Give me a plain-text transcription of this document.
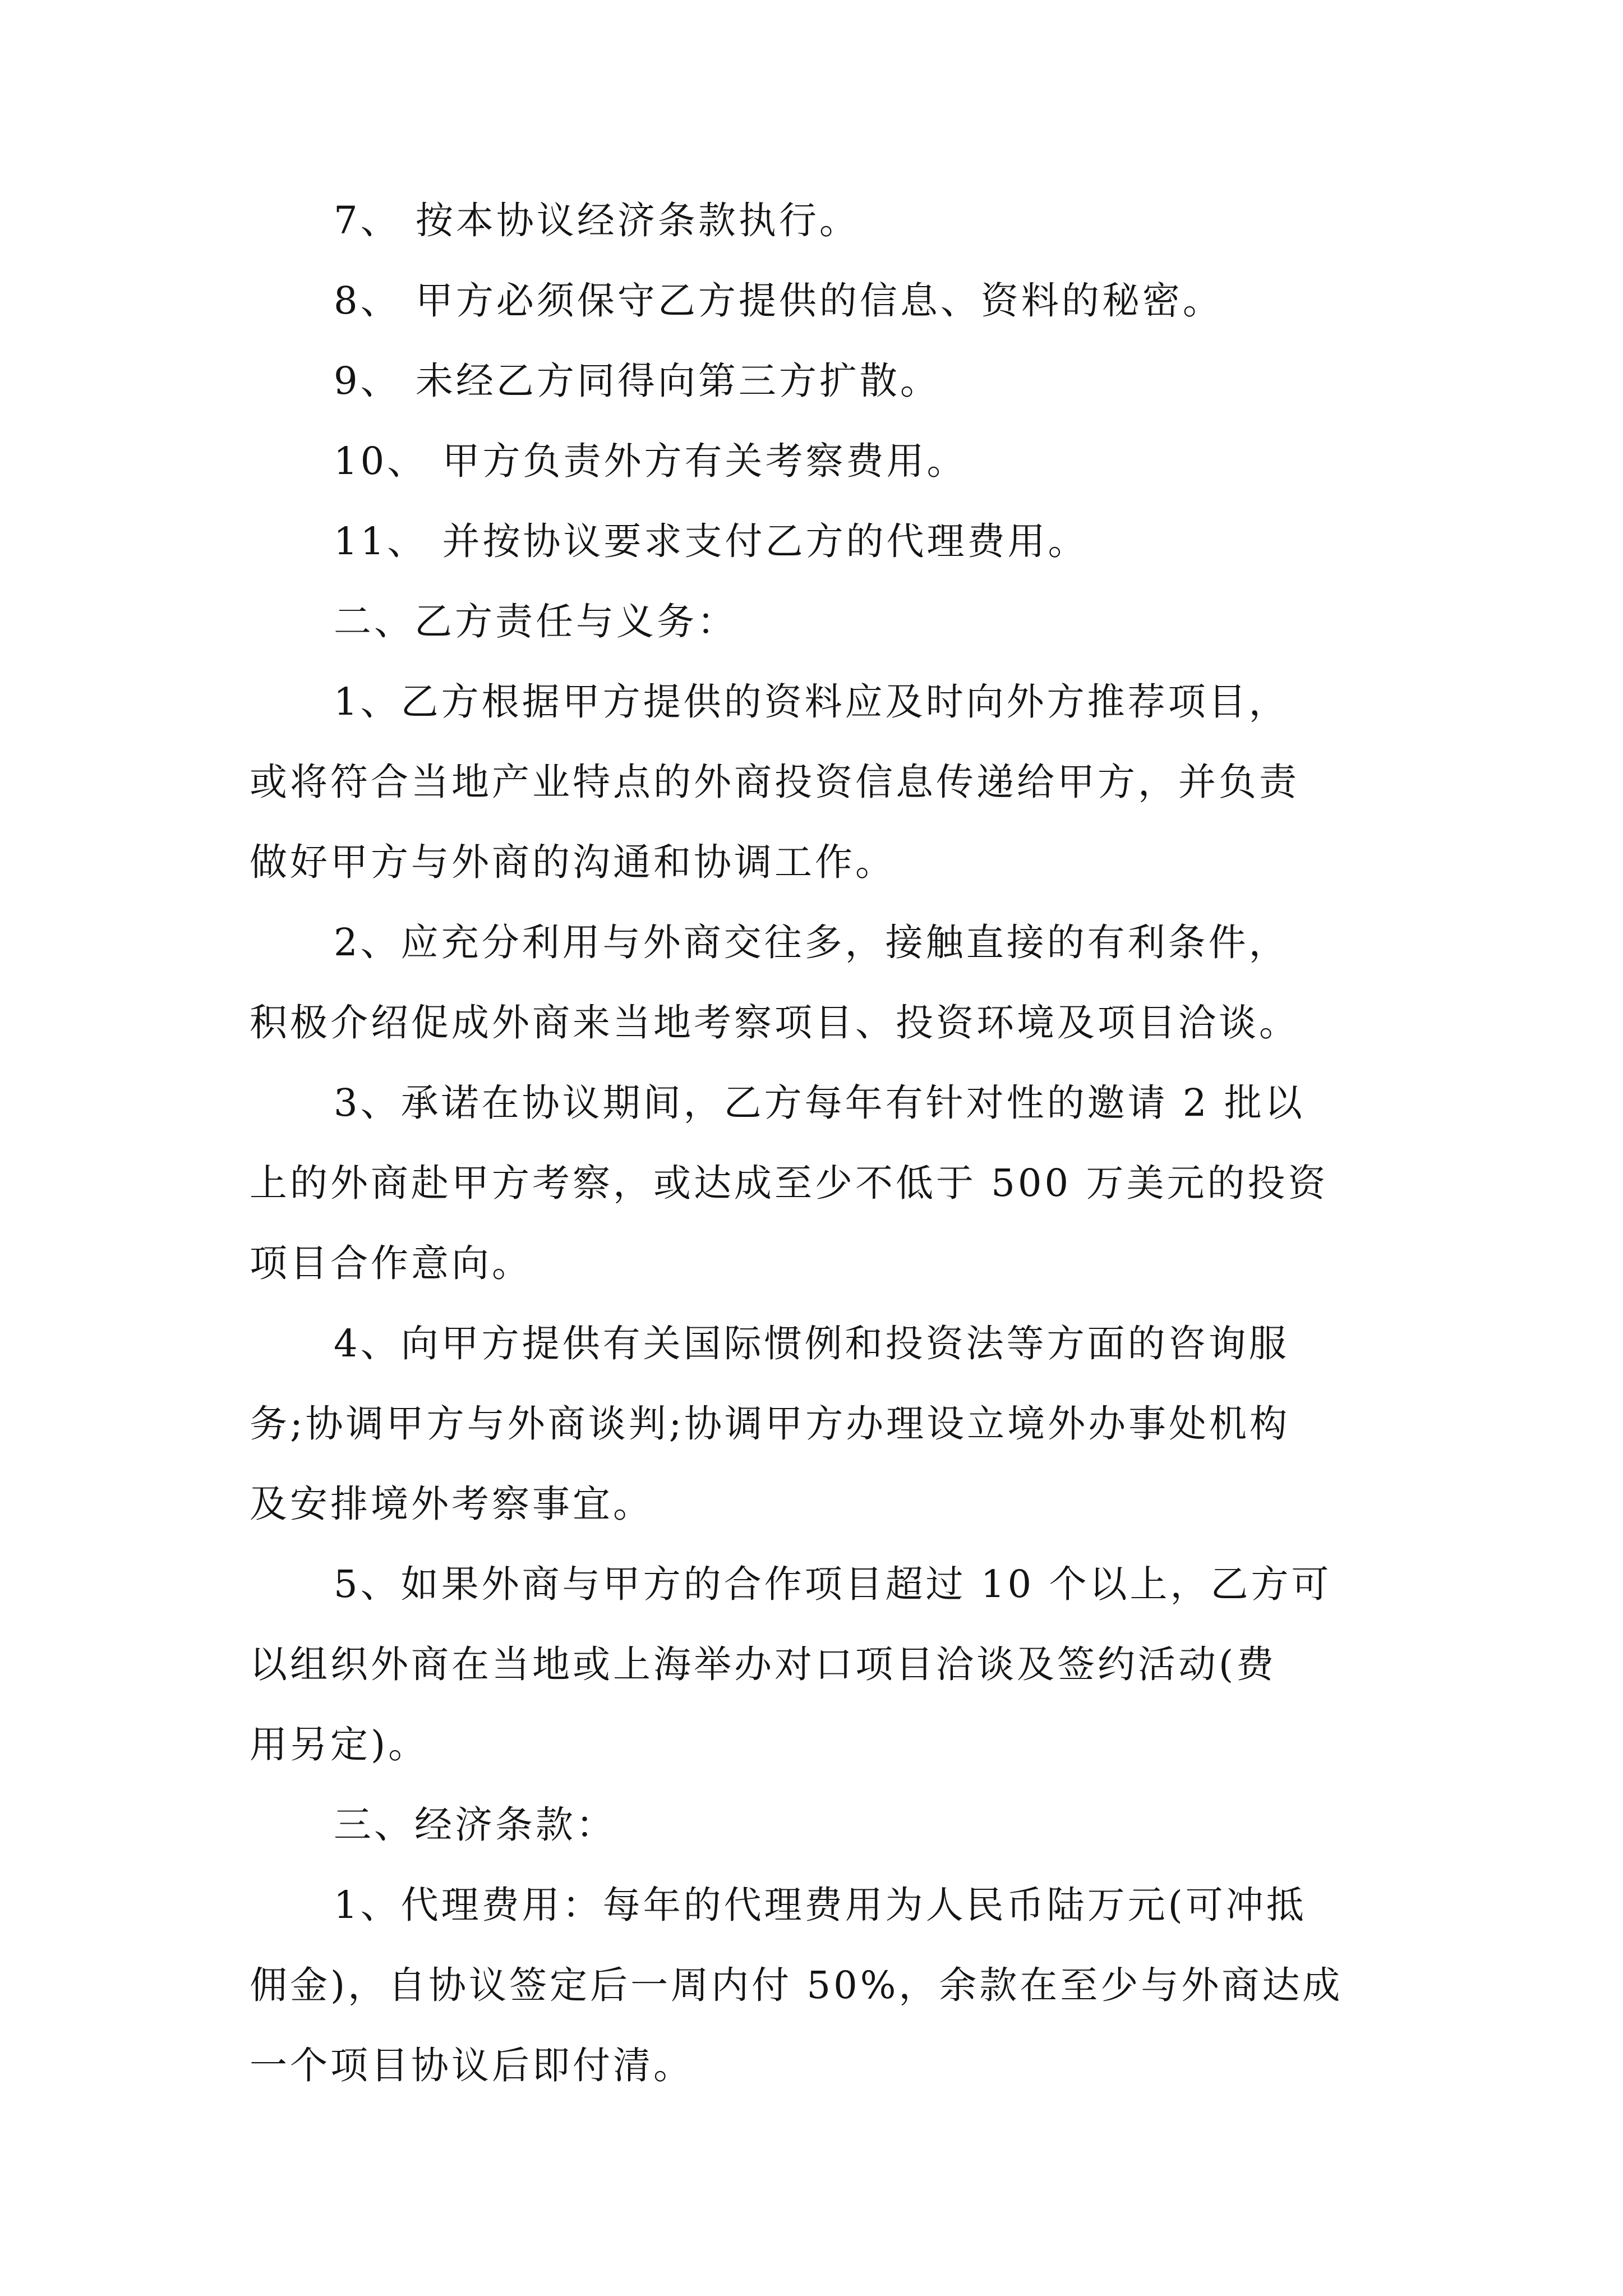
7、 按本协议经济条款执行。
8、 甲方必须保守乙方提供的信息、资料的秘密。
9、 未经乙方同得向第三方扩散。
10、 甲方负责外方有关考察费用。
11、 并按协议要求支付乙方的代理费用。
二、乙方责任与义务：
1、乙方根据甲方提供的资料应及时向外方推荐项目，
或将符合当地产业特点的外商投资信息传递给甲方，并负责
做好甲方与外商的沟通和协调工作。
2、应充分利用与外商交往多，接触直接的有利条件，
积极介绍促成外商来当地考察项目、投资环境及项目洽谈。
3、承诺在协议期间，乙方每年有针对性的邀请 2 批以
上的外商赴甲方考察，或达成至少不低于 500 万美元的投资
项目合作意向。
4、向甲方提供有关国际惯例和投资法等方面的咨询服
务;协调甲方与外商谈判;协调甲方办理设立境外办事处机构
及安排境外考察事宜。
5、如果外商与甲方的合作项目超过 10 个以上，乙方可
以组织外商在当地或上海举办对口项目洽谈及签约活动(费
用另定)。
三、经济条款：
1、代理费用：每年的代理费用为人民币陆万元(可冲抵
佣金)，自协议签定后一周内付 50%，余款在至少与外商达成
一个项目协议后即付清。
